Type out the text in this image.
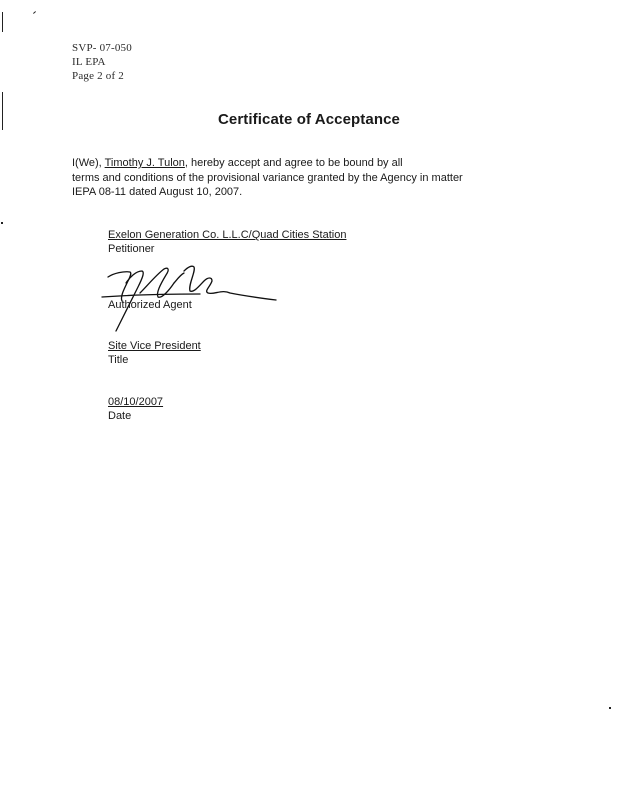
SVP- 07-050
IL EPA
Page 2 of 2
Certificate of Acceptance
I(We), Timothy J. Tulon, hereby accept and agree to be bound by all
terms and conditions of the provisional variance granted by the Agency in matter
IEPA 08-11 dated August 10, 2007.
Exelon Generation Co. L.L.C/Quad Cities Station
Petitioner
Authorized Agent
Site Vice President
Title
08/10/2007
Date
